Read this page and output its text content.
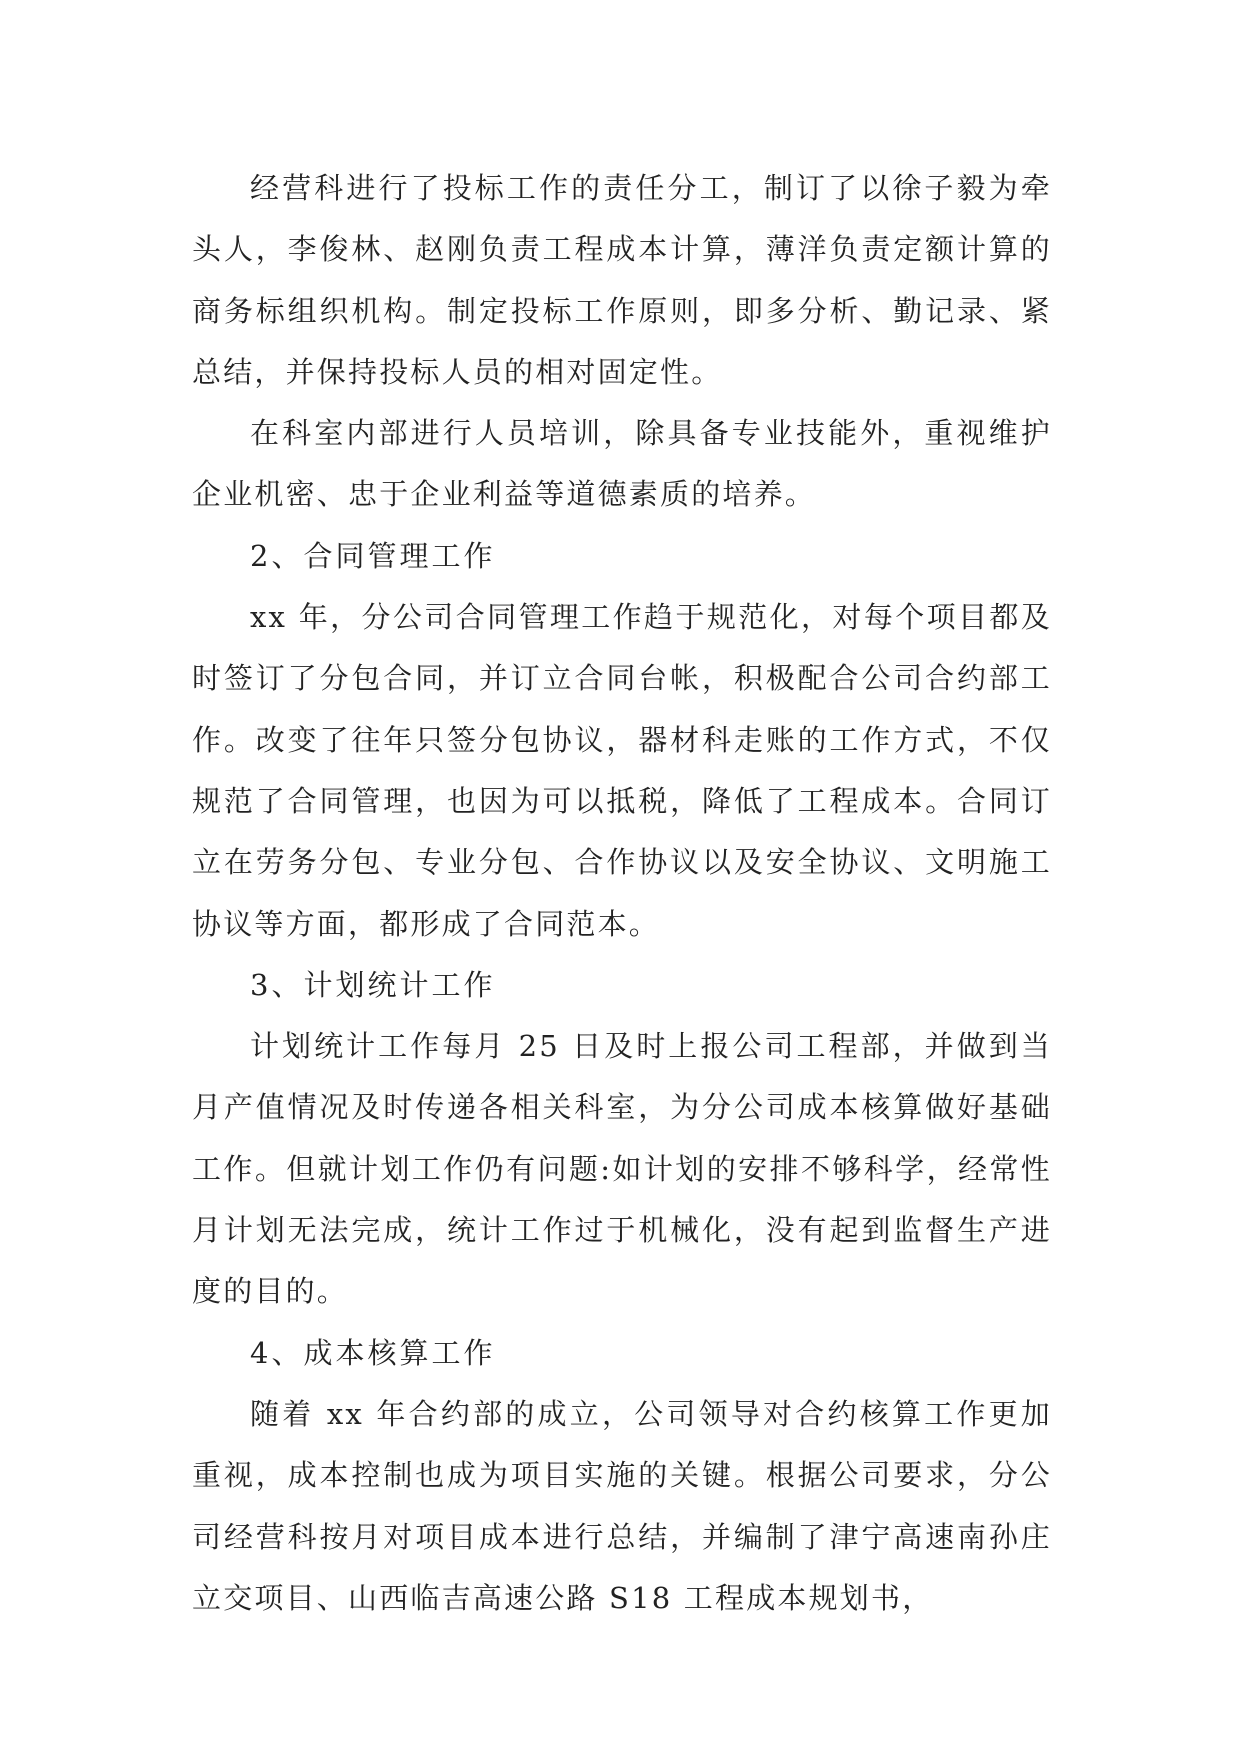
经营科进行了投标工作的责任分工，制订了以徐子毅为牵头人，李俊林、赵刚负责工程成本计算，薄洋负责定额计算的商务标组织机构。制定投标工作原则，即多分析、勤记录、紧总结，并保持投标人员的相对固定性。

在科室内部进行人员培训，除具备专业技能外，重视维护企业机密、忠于企业利益等道德素质的培养。

2、合同管理工作

xx 年，分公司合同管理工作趋于规范化，对每个项目都及时签订了分包合同，并订立合同台帐，积极配合公司合约部工作。改变了往年只签分包协议，器材科走账的工作方式，不仅规范了合同管理，也因为可以抵税，降低了工程成本。合同订立在劳务分包、专业分包、合作协议以及安全协议、文明施工协议等方面，都形成了合同范本。

3、计划统计工作

计划统计工作每月 25 日及时上报公司工程部，并做到当月产值情况及时传递各相关科室，为分公司成本核算做好基础工作。但就计划工作仍有问题:如计划的安排不够科学，经常性月计划无法完成，统计工作过于机械化，没有起到监督生产进度的目的。

4、成本核算工作

随着 xx 年合约部的成立，公司领导对合约核算工作更加重视，成本控制也成为项目实施的关键。根据公司要求，分公司经营科按月对项目成本进行总结，并编制了津宁高速南孙庄立交项目、山西临吉高速公路 S18 工程成本规划书，
